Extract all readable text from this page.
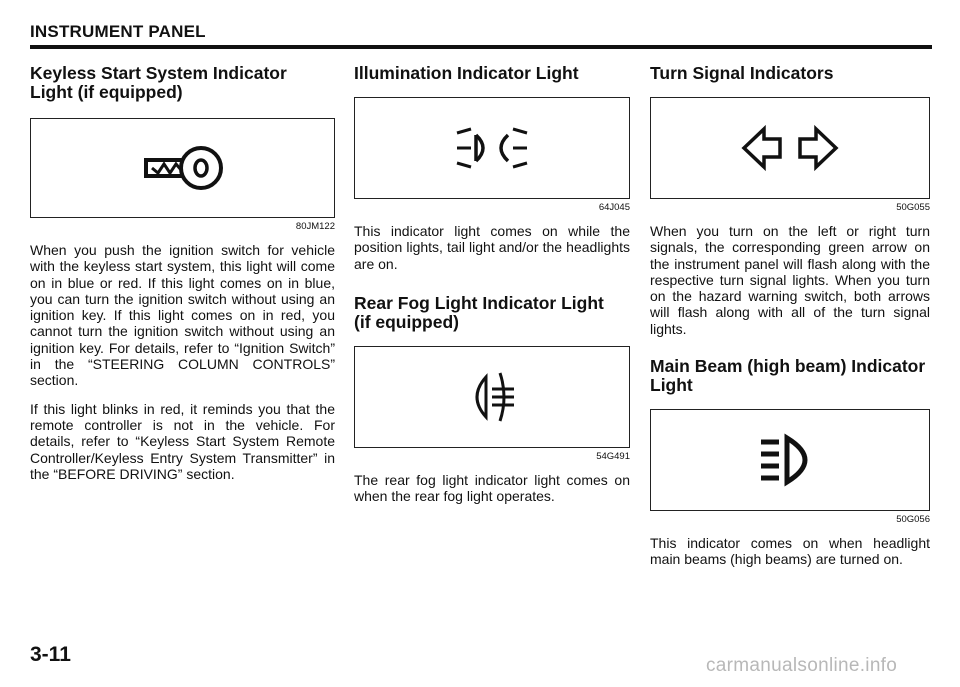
INSTRUMENT PANEL
Keyless Start System Indicator
Light (if equipped)
80JM122

When you push the ignition switch for vehicle with the keyless start system, this light will come on in blue or red. If this light comes on in blue, you can turn the ignition switch without using an ignition key. If this light comes on in red, you cannot turn the ignition switch without using an ignition key. For details, refer to “Ignition Switch” in the “STEERING COLUMN CONTROLS” section.

If this light blinks in red, it reminds you that the remote controller is not in the vehicle. For details, refer to “Keyless Start System Remote Controller/Keyless Entry System Transmitter” in the “BEFORE DRIVING” section.

Illumination Indicator Light
64J045

This indicator light comes on while the position lights, tail light and/or the headlights are on.

Rear Fog Light Indicator Light
(if equipped)
54G491

The rear fog light indicator light comes on when the rear fog light operates.

Turn Signal Indicators
50G055

When you turn on the left or right turn signals, the corresponding green arrow on the instrument panel will flash along with the respective turn signal lights. When you turn on the hazard warning switch, both arrows will flash along with all of the turn signal lights.

Main Beam (high beam) Indicator
Light
50G056

This indicator comes on when headlight main beams (high beams) are turned on.

3-11	carmanualsonline.info
